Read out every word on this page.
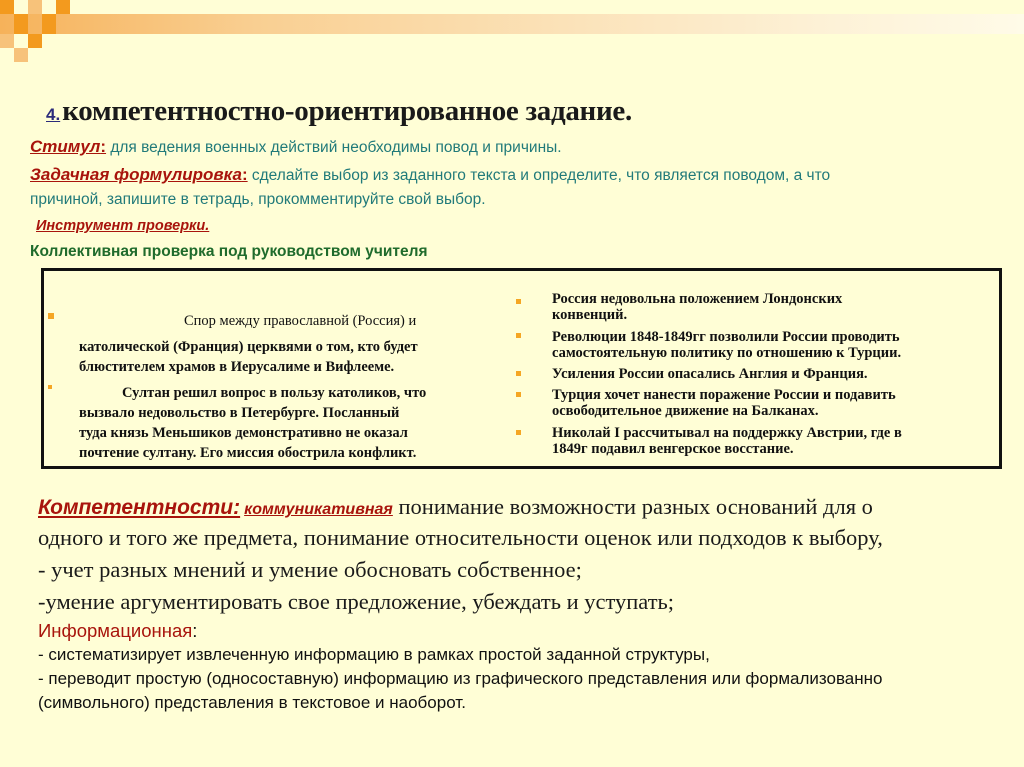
4.компетентностно-ориентированное задание.
Стимул: для ведения военных действий необходимы повод и причины.
Задачная формулировка: сделайте выбор из заданного текста и определите, что является поводом, а что
причиной, запишите в тетрадь, прокомментируйте свой выбор.
Инструмент проверки.
Коллективная проверка под руководством учителя
Спор между православной (Россия) и
католической (Франция) церквями о том, кто будет
блюстителем храмов в Иерусалиме и Вифлееме.
Султан решил вопрос в пользу католиков, что
вызвало недовольство в Петербурге. Посланный
туда князь Меньшиков демонстративно не оказал
почтение султану. Его миссия обострила конфликт.
Россия недовольна положением Лондонских
конвенций.
Революции 1848-1849гг позволили России проводить
самостоятельную политику по отношению к Турции.
Усиления России опасались Англия и Франция.
Турция хочет нанести поражение России и подавить
освободительное движение на Балканах.
Николай I рассчитывал на поддержку Австрии, где в
1849г подавил венгерское восстание.
Компетентности: коммуникативная понимание возможности разных оснований для о
одного и того же предмета, понимание относительности оценок или подходов к выбору,
- учет разных мнений и умение обосновать собственное;
-умение аргументировать свое предложение, убеждать и уступать;
Информационная:
- систематизирует извлеченную информацию в рамках простой заданной структуры,
- переводит простую (односоставную) информацию из графического представления или формализованно
(символьного) представления в текстовое и наоборот.
